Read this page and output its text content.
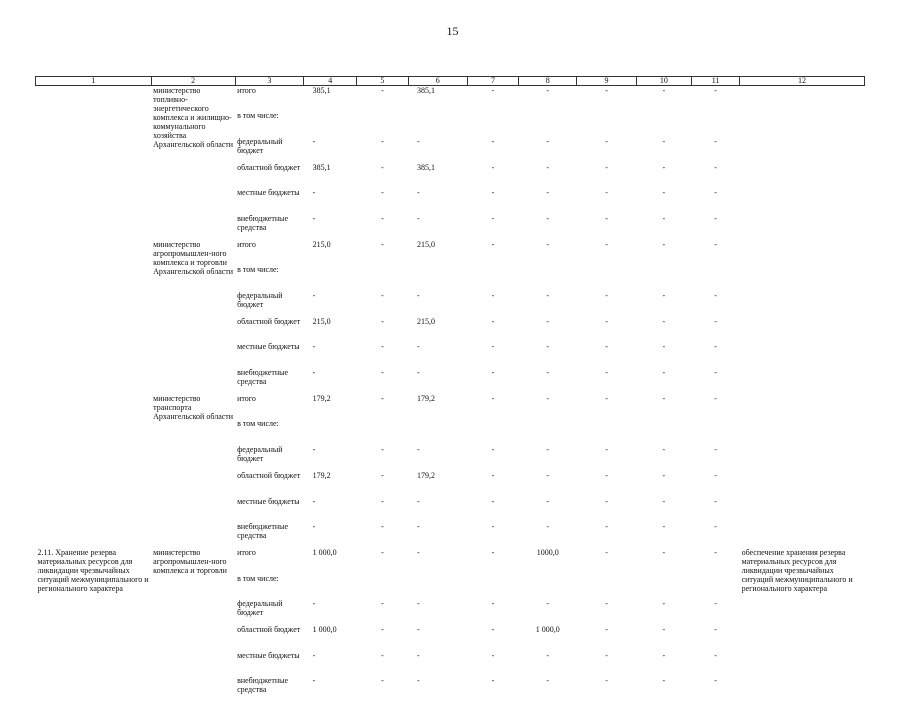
15
1	2	3	4	5	6	7	8	9	10	11	12
	министерство топливно-энергетического комплекса и жилищно-коммунального хозяйства Архангельской области	итого	385,1	-	385,1	-	-	-	-	-	
		в том числе:									
		федеральный бюджет	-	-	-	-	-	-	-	-	
		областной бюджет	385,1	-	385,1	-	-	-	-	-	
		местные бюджеты	-	-	-	-	-	-	-	-	
		внебюджетные средства	-	-	-	-	-	-	-	-	
	министерство агропромышлен-ного комплекса и торговли Архангельской области	итого	215,0	-	215,0	-	-	-	-	-	
		в том числе:									
		федеральный бюджет	-	-	-	-	-	-	-	-	
		областной бюджет	215,0	-	215,0	-	-	-	-	-	
		местные бюджеты	-	-	-	-	-	-	-	-	
		внебюджетные средства	-	-	-	-	-	-	-	-	
	министерство транспорта Архангельской области	итого	179,2	-	179,2	-	-	-	-	-	
		в том числе:									
		федеральный бюджет	-	-	-	-	-	-	-	-	
		областной бюджет	179,2	-	179,2	-	-	-	-	-	
		местные бюджеты	-	-	-	-	-	-	-	-	
		внебюджетные средства	-	-	-	-	-	-	-	-	
2.11. Хранение резерва материальных ресурсов для ликвидации чрезвычайных ситуаций межмуниципального и регионального характера	министерство агропромышлен-ного комплекса и торговли	итого	1 000,0	-	-	-	1000,0	-	-	-	обеспечение хранения резерва материальных ресурсов для ликвидации чрезвычайных ситуаций межмуниципального и регионального характера
		в том числе:									
		федеральный бюджет	-	-	-	-	-	-	-	-	
		областной бюджет	1 000,0	-	-	-	1 000,0	-	-	-	
		местные бюджеты	-	-	-	-	-	-	-	-	
		внебюджетные средства	-	-	-	-	-	-	-	-	
